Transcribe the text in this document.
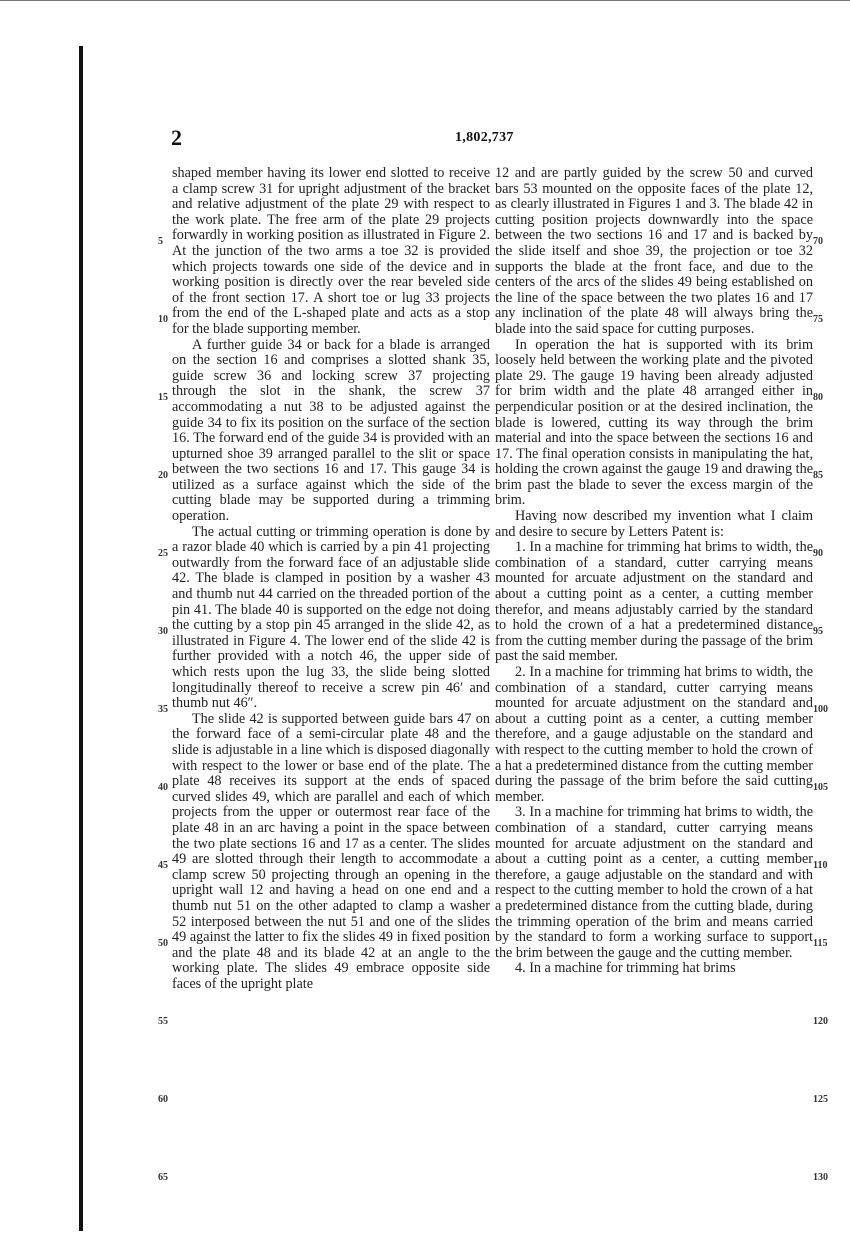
2	1,802,737

shaped member having its lower end slotted to receive a clamp screw 31 for upright adjustment of the bracket and relative adjustment of the plate 29 with respect to the work plate. The free arm of the plate 29 projects forwardly in working position as illustrated in Figure 2. At the junction of the two arms a toe 32 is provided which projects towards one side of the device and in working position is directly over the rear beveled side of the front section 17. A short toe or lug 33 projects from the end of the L-shaped plate and acts as a stop for the blade supporting member.

A further guide 34 or back for a blade is arranged on the section 16 and comprises a slotted shank 35, guide screw 36 and locking screw 37 projecting through the slot in the shank, the screw 37 accommodating a nut 38 to be adjusted against the guide 34 to fix its position on the surface of the section 16. The forward end of the guide 34 is provided with an upturned shoe 39 arranged parallel to the slit or space between the two sections 16 and 17. This gauge 34 is utilized as a surface against which the side of the cutting blade may be supported during a trimming operation.

The actual cutting or trimming operation is done by a razor blade 40 which is carried by a pin 41 projecting outwardly from the forward face of an adjustable slide 42. The blade is clamped in position by a washer 43 and thumb nut 44 carried on the threaded portion of the pin 41. The blade 40 is supported on the edge not doing the cutting by a stop pin 45 arranged in the slide 42, as illustrated in Figure 4. The lower end of the slide 42 is further provided with a notch 46, the upper side of which rests upon the lug 33, the slide being slotted longitudinally thereof to receive a screw pin 46′ and thumb nut 46″.

The slide 42 is supported between guide bars 47 on the forward face of a semi-circular plate 48 and the slide is adjustable in a line which is disposed diagonally with respect to the lower or base end of the plate. The plate 48 receives its support at the ends of spaced curved slides 49, which are parallel and each of which projects from the upper or outermost rear face of the plate 48 in an arc having a point in the space between the two plate sections 16 and 17 as a center. The slides 49 are slotted through their length to accommodate a clamp screw 50 projecting through an opening in the upright wall 12 and having a head on one end and a thumb nut 51 on the other adapted to clamp a washer 52 interposed between the nut 51 and one of the slides 49 against the latter to fix the slides 49 in fixed position and the plate 48 and its blade 42 at an angle to the working plate. The slides 49 embrace opposite side faces of the upright plate

12 and are partly guided by the screw 50 and curved bars 53 mounted on the opposite faces of the plate 12, as clearly illustrated in Figures 1 and 3. The blade 42 in cutting position projects downwardly into the space between the two sections 16 and 17 and is backed by the slide itself and shoe 39, the projection or toe 32 supports the blade at the front face, and due to the centers of the arcs of the slides 49 being established on the line of the space between the two plates 16 and 17 any inclination of the plate 48 will always bring the blade into the said space for cutting purposes.

In operation the hat is supported with its brim loosely held between the working plate and the pivoted plate 29. The gauge 19 having been already adjusted for brim width and the plate 48 arranged either in perpendicular position or at the desired inclination, the blade is lowered, cutting its way through the brim material and into the space between the sections 16 and 17. The final operation consists in manipulating the hat, holding the crown against the gauge 19 and drawing the brim past the blade to sever the excess margin of the brim.

Having now described my invention what I claim and desire to secure by Letters Patent is:

1. In a machine for trimming hat brims to width, the combination of a standard, cutter carrying means mounted for arcuate adjustment on the standard and about a cutting point as a center, a cutting member therefor, and means adjustably carried by the standard to hold the crown of a hat a predetermined distance from the cutting member during the passage of the brim past the said member.

2. In a machine for trimming hat brims to width, the combination of a standard, cutter carrying means mounted for arcuate adjustment on the standard and about a cutting point as a center, a cutting member therefore, and a gauge adjustable on the standard and with respect to the cutting member to hold the crown of a hat a predetermined distance from the cutting member during the passage of the brim before the said cutting member.

3. In a machine for trimming hat brims to width, the combination of a standard, cutter carrying means mounted for arcuate adjustment on the standard and about a cutting point as a center, a cutting member therefore, a gauge adjustable on the standard and with respect to the cutting member to hold the crown of a hat a predetermined distance from the cutting blade, during the trimming operation of the brim and means carried by the standard to form a working surface to support the brim between the gauge and the cutting member.

4. In a machine for trimming hat brims

5
10
15
20
25
30
35
40
45
50
55
60
65
70
75
80
85
90
95
100
105
110
115
120
125
130
